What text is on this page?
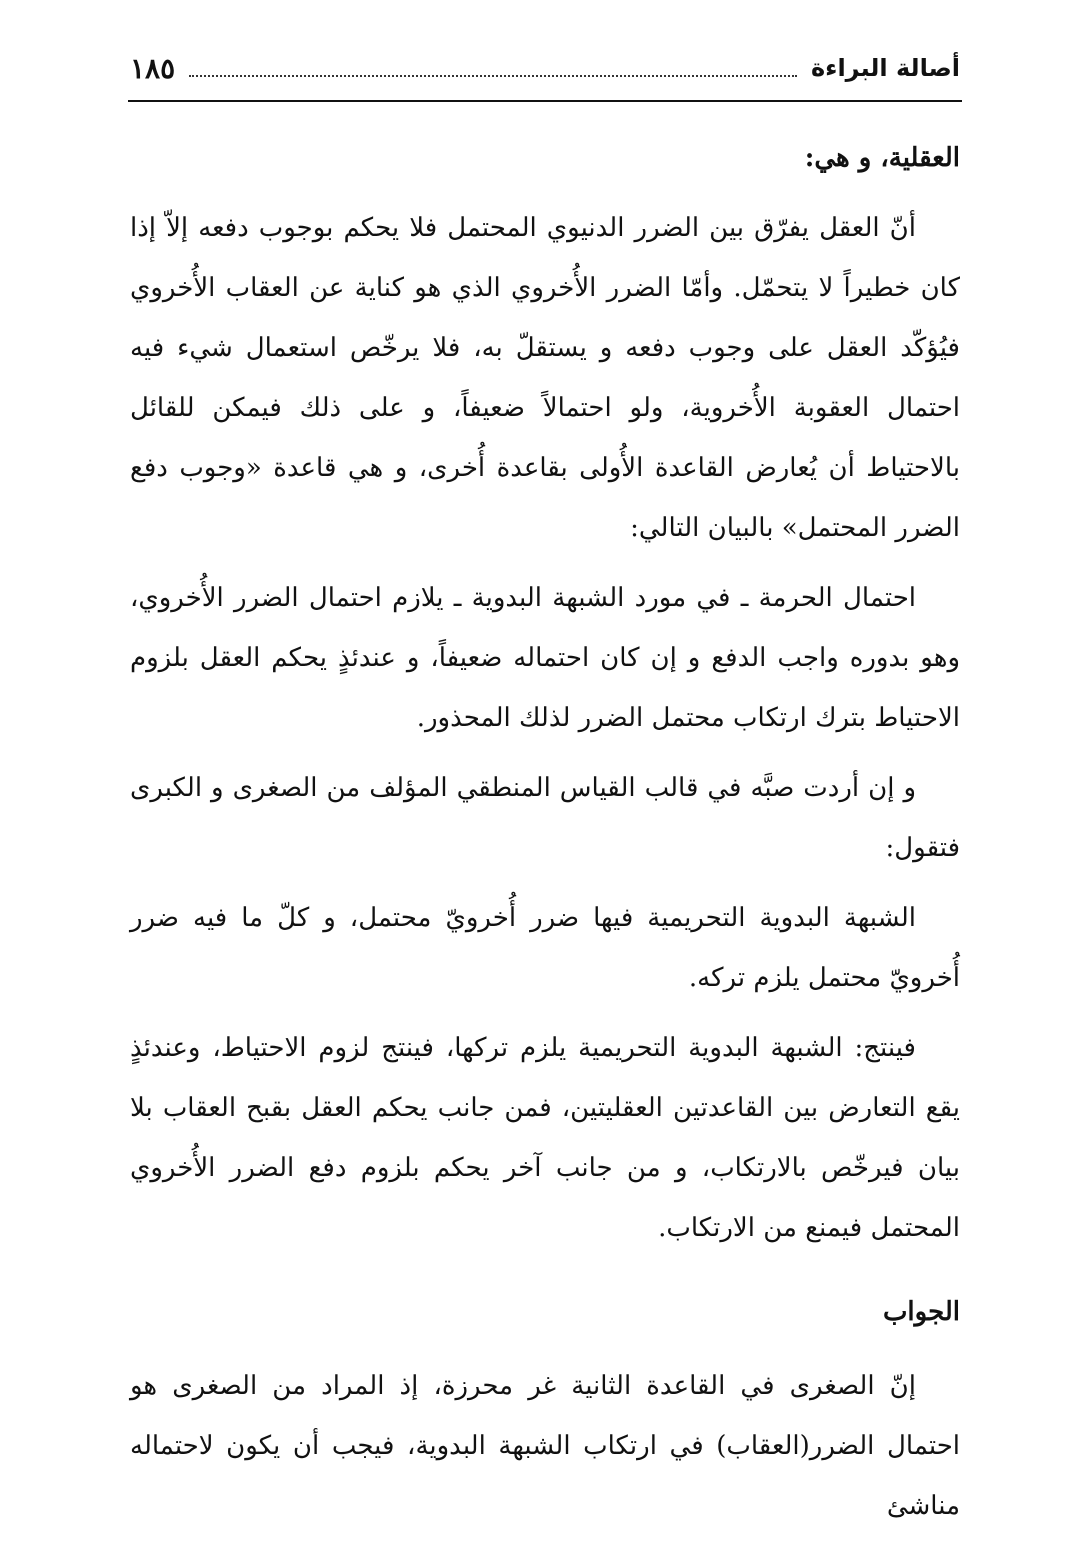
أصالة البراءة
١٨٥

العقلية، و هي:

أنّ العقل يفرّق بين الضرر الدنيوي المحتمل فلا يحكم بوجوب دفعه إلاّ إذا كان خطيراً لا يتحمّل. وأمّا الضرر الأُخروي الذي هو كناية عن العقاب الأُخروي فيُؤكّد العقل على وجوب دفعه و يستقلّ به، فلا يرخّص استعمال شيء فيه احتمال العقوبة الأُخروية، ولو احتمالاً ضعيفاً، و على ذلك فيمكن للقائل بالاحتياط أن يُعارض القاعدة الأُولى بقاعدة أُخرى، و هي قاعدة «وجوب دفع الضرر المحتمل» بالبيان التالي:

احتمال الحرمة ـ في مورد الشبهة البدوية ـ يلازم احتمال الضرر الأُخروي، وهو بدوره واجب الدفع و إن كان احتماله ضعيفاً، و عندئذٍ يحكم العقل بلزوم الاحتياط بترك ارتكاب محتمل الضرر لذلك المحذور.

و إن أردت صبَّه في قالب القياس المنطقي المؤلف من الصغرى و الكبرى فتقول:

الشبهة البدوية التحريمية فيها ضرر أُخرويّ محتمل، و كلّ ما فيه ضرر أُخرويّ محتمل يلزم تركه.

فينتج: الشبهة البدوية التحريمية يلزم تركها، فينتج لزوم الاحتياط، وعندئذٍ يقع التعارض بين القاعدتين العقليتين، فمن جانب يحكم العقل بقبح العقاب بلا بيان فيرخّص بالارتكاب، و من جانب آخر يحكم بلزوم دفع الضرر الأُخروي المحتمل فيمنع من الارتكاب.

الجواب

إنّ الصغرى في القاعدة الثانية غر محرزة، إذ المراد من الصغرى هو احتمال الضرر(العقاب) في ارتكاب الشبهة البدوية، فيجب أن يكون لاحتماله مناشئ
